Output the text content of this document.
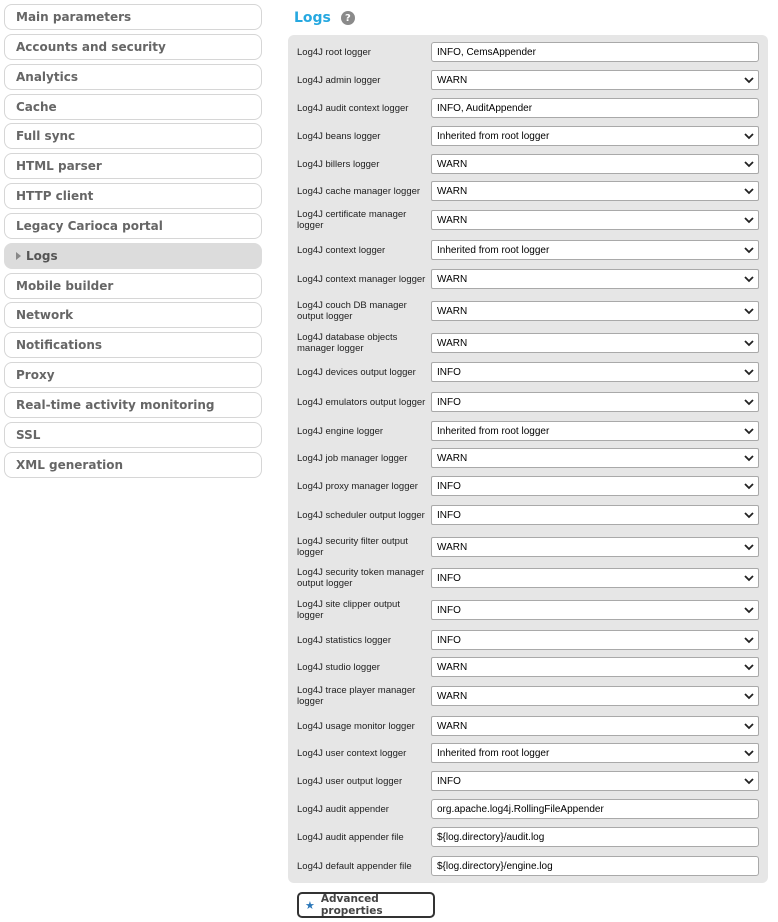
Main parameters
Accounts and security
Analytics
Cache
Full sync
HTML parser
HTTP client
Legacy Carioca portal
Logs
Mobile builder
Network
Notifications
Proxy
Real-time activity monitoring
SSL
XML generation
Logs	?
Log4J root logger	INFO, CemsAppender
Log4J admin logger	WARN
Log4J audit context logger	INFO, AuditAppender
Log4J beans logger	Inherited from root logger
Log4J billers logger	WARN
Log4J cache manager logger	WARN
Log4J certificate manager logger	WARN
Log4J context logger	Inherited from root logger
Log4J context manager logger WARN
Log4J couch DB manager output logger	WARN
Log4J database objects manager logger	WARN
Log4J devices output logger	INFO
Log4J emulators output logger INFO
Log4J engine logger	Inherited from root logger
Log4J job manager logger	WARN
Log4J proxy manager logger	INFO
Log4J scheduler output logger INFO
Log4J security filter output logger	WARN
Log4J security token manager output logger	INFO
Log4J site clipper output logger	INFO
Log4J statistics logger	INFO
Log4J studio logger	WARN
Log4J trace player manager logger	WARN
Log4J usage monitor logger	WARN
Log4J user context logger	Inherited from root logger
Log4J user output logger	INFO
Log4J audit appender	org.apache.log4j.RollingFileAppender
Log4J audit appender file	${log.directory}/audit.log
Log4J default appender file	${log.directory}/engine.log
★ Advanced properties
